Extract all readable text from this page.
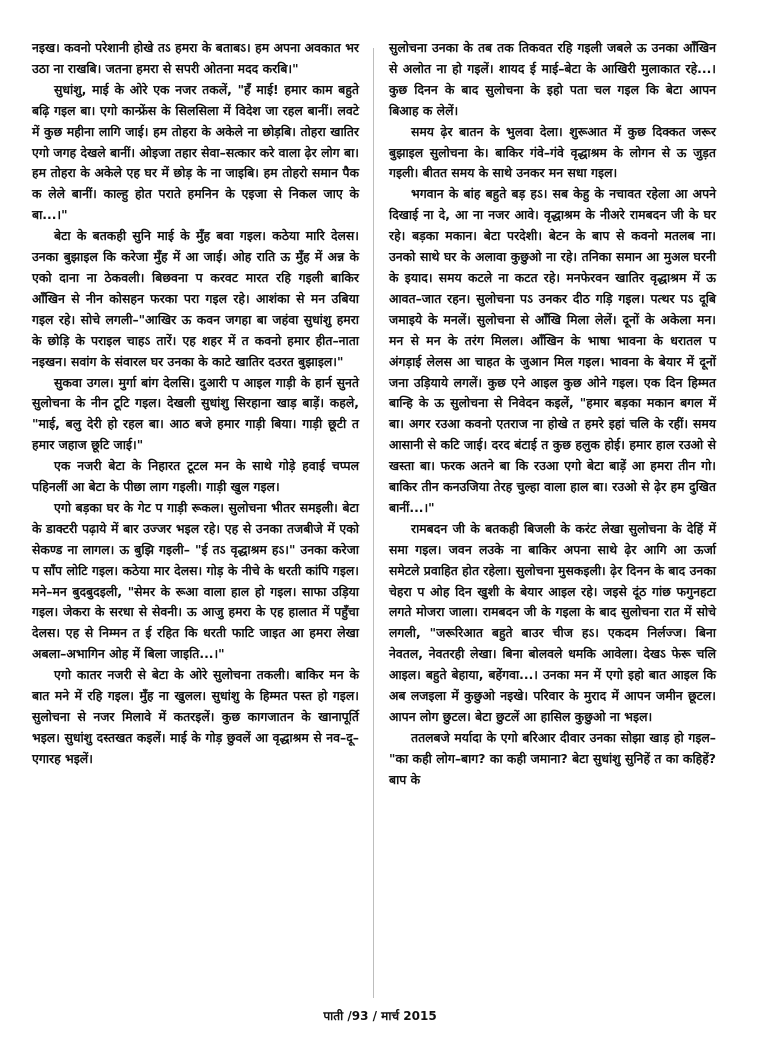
नइख। कवनो परेशानी होखे तऽ हमरा के बताबऽ। हम अपना अवकात भर उठा ना राखबि। जतना हमरा से सपरी ओतना मदद करबि।"

सुधांशु, माई के ओरे एक नजर तकलें, "हँ माई! हमार काम बहुते बढ़ि गइल बा। एगो कान्फ्रेंस के सिलसिला में विदेश जा रहल बानीं। लवटे में कुछ महीना लागि जाई। हम तोहरा के अकेले ना छोड़बि। तोहरा खातिर एगो जगह देखले बानीं। ओइजा तहार सेवा–सत्कार करे वाला ढ़ेर लोग बा। हम तोहरा के अकेले एह घर में छोड़ के ना जाइबि। हम तोहरो समान पैक क लेले बानीं। काल्हु होत पराते हमनिन के एइजा से निकल जाए के बा...।"

बेटा के बतकही सुनि माई के मुँह बवा गइल। कठेया मारि देलस। उनका बुझाइल कि करेजा मुँह में आ जाई। ओह राति ऊ मुँह में अन्न के एको दाना ना ठेकवली। बिछवना प करवट मारत रहि गइली बाकिर आँखिन से नीन कोसहन फरका परा गइल रहे। आशंका से मन उबिया गइल रहे। सोचे लगली–"आखिर ऊ कवन जगहा बा जहंवा सुधांशु हमरा के छोड़ि के पराइल चाहऽ तारें। एह शहर में त कवनो हमार हीत–नाता नइखन। सवांग के संवारल घर उनका के काटे खातिर दउरत बुझाइल।"

सुकवा उगल। मुर्गा बांग देलसि। दुआरी प आइल गाड़ी के हार्न सुनते सुलोचना के नीन टूटि गइल। देखली सुधांशु सिरहाना खाड़ बाड़ें। कहले, "माई, बलु देरी हो रहल बा। आठ बजे हमार गाड़ी बिया। गाड़ी छूटी त हमार जहाज छूटि जाई।"

एक नजरी बेटा के निहारत टूटल मन के साथे गोड़े हवाई चप्पल पहिनलीं आ बेटा के पीछा लाग गइली। गाड़ी खुल गइल।

एगो बड़का घर के गेट प गाड़ी रूकल। सुलोचना भीतर समइली। बेटा के डाक्टरी पढ़ाये में बार उज्जर भइल रहे। एह से उनका तजबीजे में एको सेकण्ड ना लागल। ऊ बुझि गइली– "ई तऽ वृद्धाश्रम हऽ।" उनका करेजा प साँप लोटि गइल। कठेया मार देलस। गोड़ के नीचे के धरती कांपि गइल। मने–मन बुदबुदइली, "सेमर के रूआ वाला हाल हो गइल। साफा उड़िया गइल। जेकरा के सरधा से सेवनी। ऊ आजु हमरा के एह हालात में पहुँचा देलस। एह से निम्मन त ई रहित कि धरती फाटि जाइत आ हमरा लेखा अबला–अभागिन ओह में बिला जाइति...।"

एगो कातर नजरी से बेटा के ओरे सुलोचना तकली। बाकिर मन के बात मने में रहि गइल। मुँह ना खुलल। सुधांशु के हिम्मत पस्त हो गइल। सुलोचना से नजर मिलावे में कतरइलें। कुछ कागजातन के खानापूर्ति भइल। सुधांशु दस्तखत कइलें। माई के गोड़ छुवलें आ वृद्धाश्रम से नव–दू–एगारह भइलें।

सुलोचना उनका के तब तक तिकवत रहि गइली जबले ऊ उनका आँखिन से अलोत ना हो गइलें। शायद ई माई–बेटा के आखिरी मुलाकात रहे...। कुछ दिनन के बाद सुलोचना के इहो पता चल गइल कि बेटा आपन बिआह क लेलें।

समय ढ़ेर बातन के भुलवा देला। शुरूआत में कुछ दिक्कत जरूर बुझाइल सुलोचना के। बाकिर गंवे–गंवे वृद्धाश्रम के लोगन से ऊ जुड़त गइली। बीतत समय के साथे उनकर मन सधा गइल।

भगवान के बांह बहुते बड़ हऽ। सब केहु के नचावत रहेला आ अपने दिखाई ना दे, आ ना नजर आवे। वृद्धाश्रम के नीअरे रामबदन जी के घर रहे। बड़का मकान। बेटा परदेशी। बेटन के बाप से कवनो मतलब ना। उनको साथे घर के अलावा कुछुओ ना रहे। तनिका समान आ मुअल घरनी के इयाद। समय कटले ना कटत रहे। मनफेरवन खातिर वृद्धाश्रम में ऊ आवत–जात रहन। सुलोचना पऽ उनकर दीठ गड़ि गइल। पत्थर पऽ दूबि जमाइये के मनलें। सुलोचना से आँखि मिला लेलें। दूनों के अकेला मन। मन से मन के तरंग मिलल। आँखिन के भाषा भावना के धरातल प अंगड़ाई लेलस आ चाहत के जुआन मिल गइल। भावना के बेयार में दूनों जना उड़ियाये लगलें। कुछ एने आइल कुछ ओने गइल। एक दिन हिम्मत बान्हि के ऊ सुलोचना से निवेदन कइलें, "हमार बड़का मकान बगल में बा। अगर रउआ कवनो एतराज ना होखे त हमरे इहां चलि के रहीं। समय आसानी से कटि जाई। दरद बंटाई त कुछ हलुक होई। हमार हाल रउओ से खस्ता बा। फरक अतने बा कि रउआ एगो बेटा बाड़ें आ हमरा तीन गो। बाकिर तीन कनउजिया तेरह चुल्हा वाला हाल बा। रउओ से ढ़ेर हम दुखित बानीं...।"

रामबदन जी के बतकही बिजली के करंट लेखा सुलोचना के देहिं में समा गइल। जवन लउके ना बाकिर अपना साथे ढ़ेर आगि आ ऊर्जा समेटले प्रवाहित होत रहेला। सुलोचना मुसकइली। ढ़ेर दिनन के बाद उनका चेहरा प ओह दिन खुशी के बेयार आइल रहे। जइसे दूंठ गांछ फगुनहटा लगते मोजरा जाला। रामबदन जी के गइला के बाद सुलोचना रात में सोचे लगली, "जरूरिआत बहुते बाउर चीज हऽ। एकदम निर्लज्ज। बिना नेवतल, नेवतरही लेखा। बिना बोलवले धमकि आवेला। देखऽ फेरू चलि आइल। बहुते बेहाया, बहेंगवा...। उनका मन में एगो इहो बात आइल कि अब लजइला में कुछुओ नइखे। परिवार के मुराद में आपन जमीन छूटल। आपन लोग छुटल। बेटा छुटलें आ हासिल कुछुओ ना भइल।

ततलबजे मर्यादा के एगो बरिआर दीवार उनका सोझा खाड़ हो गइल– "का कही लोग–बाग? का कही जमाना? बेटा सुधांशु सुनिहें त का कहिहें? बाप के

पाती /93 / मार्च 2015
